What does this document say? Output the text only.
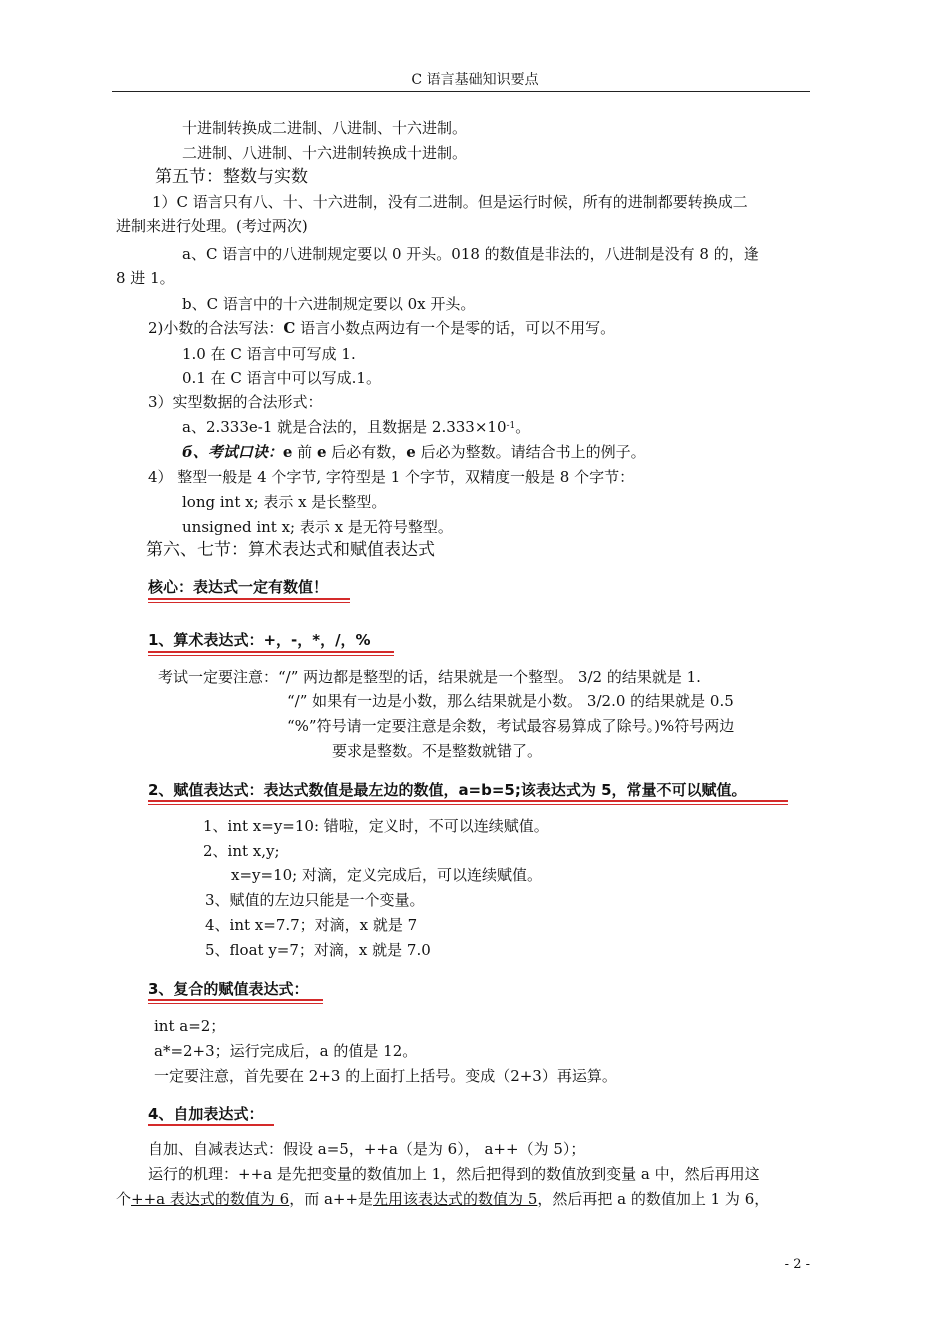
C 语言基础知识要点
十进制转换成二进制、八进制、十六进制。
二进制、八进制、十六进制转换成十进制。
第五节：整数与实数
1）C 语言只有八、十、十六进制，没有二进制。但是运行时候，所有的进制都要转换成二
进制来进行处理。(考过两次)
a、C 语言中的八进制规定要以 0 开头。018 的数值是非法的，八进制是没有 8 的，逢
8 进 1。
b、C 语言中的十六进制规定要以 0x 开头。
2)小数的合法写法：C 语言小数点两边有一个是零的话，可以不用写。
1.0 在 C 语言中可写成 1.
0.1 在 C 语言中可以写成.1。
3）实型数据的合法形式：
a、2.333e-1 就是合法的，且数据是 $2.333\times 10^{-1}$。
б、考试口诀：e 前 e 后必有数，e 后必为整数。请结合书上的例子。
4） 整型一般是 4 个字节, 字符型是 1 个字节，双精度一般是 8 个字节：
long int x; 表示 x 是长整型。
unsigned int x; 表示 x 是无符号整型。
第六、七节：算术表达式和赋值表达式
核心：表达式一定有数值！
1、算术表达式：+，-，*，/，%
考试一定要注意：“/” 两边都是整型的话，结果就是一个整型。 3/2 的结果就是 1.
“/” 如果有一边是小数，那么结果就是小数。 3/2.0 的结果就是 0.5
“%”符号请一定要注意是余数，考试最容易算成了除号。)%符号两边
要求是整数。不是整数就错了。
2、赋值表达式：表达式数值是最左边的数值，a=b=5;该表达式为 5，常量不可以赋值。
1、int x=y=10: 错啦，定义时，不可以连续赋值。
2、int x,y;
x=y=10; 对滴，定义完成后，可以连续赋值。
3、赋值的左边只能是一个变量。
4、int x=7.7；对滴，x 就是 7
5、float y=7；对滴，x 就是 7.0
3、复合的赋值表达式：
int a=2；
a*=2+3；运行完成后，a 的值是 12。
一定要注意，首先要在 2+3 的上面打上括号。变成（2+3）再运算。
4、自加表达式：
自加、自减表达式：假设 a=5，++a（是为 6）， a++（为 5）；
运行的机理：++a 是先把变量的数值加上 1，然后把得到的数值放到变量 a 中，然后再用这
个++a 表达式的数值为 6，而 a++是先用该表达式的数值为 5，然后再把 a 的数值加上 1 为 6，
- 2 -
